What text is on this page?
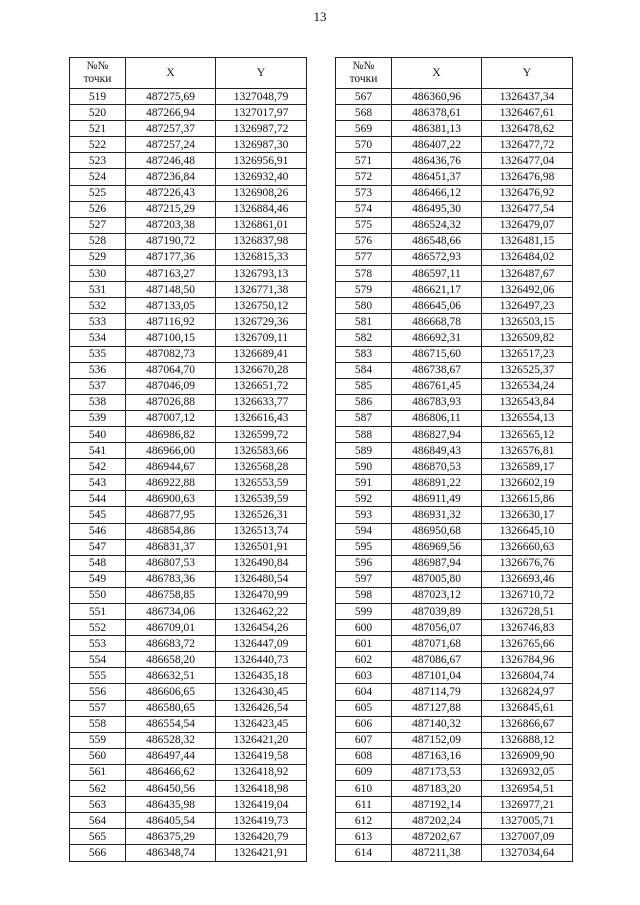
13
№№
точки	X	Y
519	487275,69	1327048,79
520	487266,94	1327017,97
521	487257,37	1326987,72
522	487257,24	1326987,30
523	487246,48	1326956,91
524	487236,84	1326932,40
525	487226,43	1326908,26
526	487215,29	1326884,46
527	487203,38	1326861,01
528	487190,72	1326837,98
529	487177,36	1326815,33
530	487163,27	1326793,13
531	487148,50	1326771,38
532	487133,05	1326750,12
533	487116,92	1326729,36
534	487100,15	1326709,11
535	487082,73	1326689,41
536	487064,70	1326670,28
537	487046,09	1326651,72
538	487026,88	1326633,77
539	487007,12	1326616,43
540	486986,82	1326599,72
541	486966,00	1326583,66
542	486944,67	1326568,28
543	486922,88	1326553,59
544	486900,63	1326539,59
545	486877,95	1326526,31
546	486854,86	1326513,74
547	486831,37	1326501,91
548	486807,53	1326490,84
549	486783,36	1326480,54
550	486758,85	1326470,99
551	486734,06	1326462,22
552	486709,01	1326454,26
553	486683,72	1326447,09
554	486658,20	1326440,73
555	486632,51	1326435,18
556	486606,65	1326430,45
557	486580,65	1326426,54
558	486554,54	1326423,45
559	486528,32	1326421,20
560	486497,44	1326419,58
561	486466,62	1326418,92
562	486450,56	1326418,98
563	486435,98	1326419,04
564	486405,54	1326419,73
565	486375,29	1326420,79
566	486348,74	1326421,91
№№
точки	X	Y
567	486360,96	1326437,34
568	486378,61	1326467,61
569	486381,13	1326478,62
570	486407,22	1326477,72
571	486436,76	1326477,04
572	486451,37	1326476,98
573	486466,12	1326476,92
574	486495,30	1326477,54
575	486524,32	1326479,07
576	486548,66	1326481,15
577	486572,93	1326484,02
578	486597,11	1326487,67
579	486621,17	1326492,06
580	486645,06	1326497,23
581	486668,78	1326503,15
582	486692,31	1326509,82
583	486715,60	1326517,23
584	486738,67	1326525,37
585	486761,45	1326534,24
586	486783,93	1326543,84
587	486806,11	1326554,13
588	486827,94	1326565,12
589	486849,43	1326576,81
590	486870,53	1326589,17
591	486891,22	1326602,19
592	486911,49	1326615,86
593	486931,32	1326630,17
594	486950,68	1326645,10
595	486969,56	1326660,63
596	486987,94	1326676,76
597	487005,80	1326693,46
598	487023,12	1326710,72
599	487039,89	1326728,51
600	487056,07	1326746,83
601	487071,68	1326765,66
602	487086,67	1326784,96
603	487101,04	1326804,74
604	487114,79	1326824,97
605	487127,88	1326845,61
606	487140,32	1326866,67
607	487152,09	1326888,12
608	487163,16	1326909,90
609	487173,53	1326932,05
610	487183,20	1326954,51
611	487192,14	1326977,21
612	487202,24	1327005,71
613	487202,67	1327007,09
614	487211,38	1327034,64
